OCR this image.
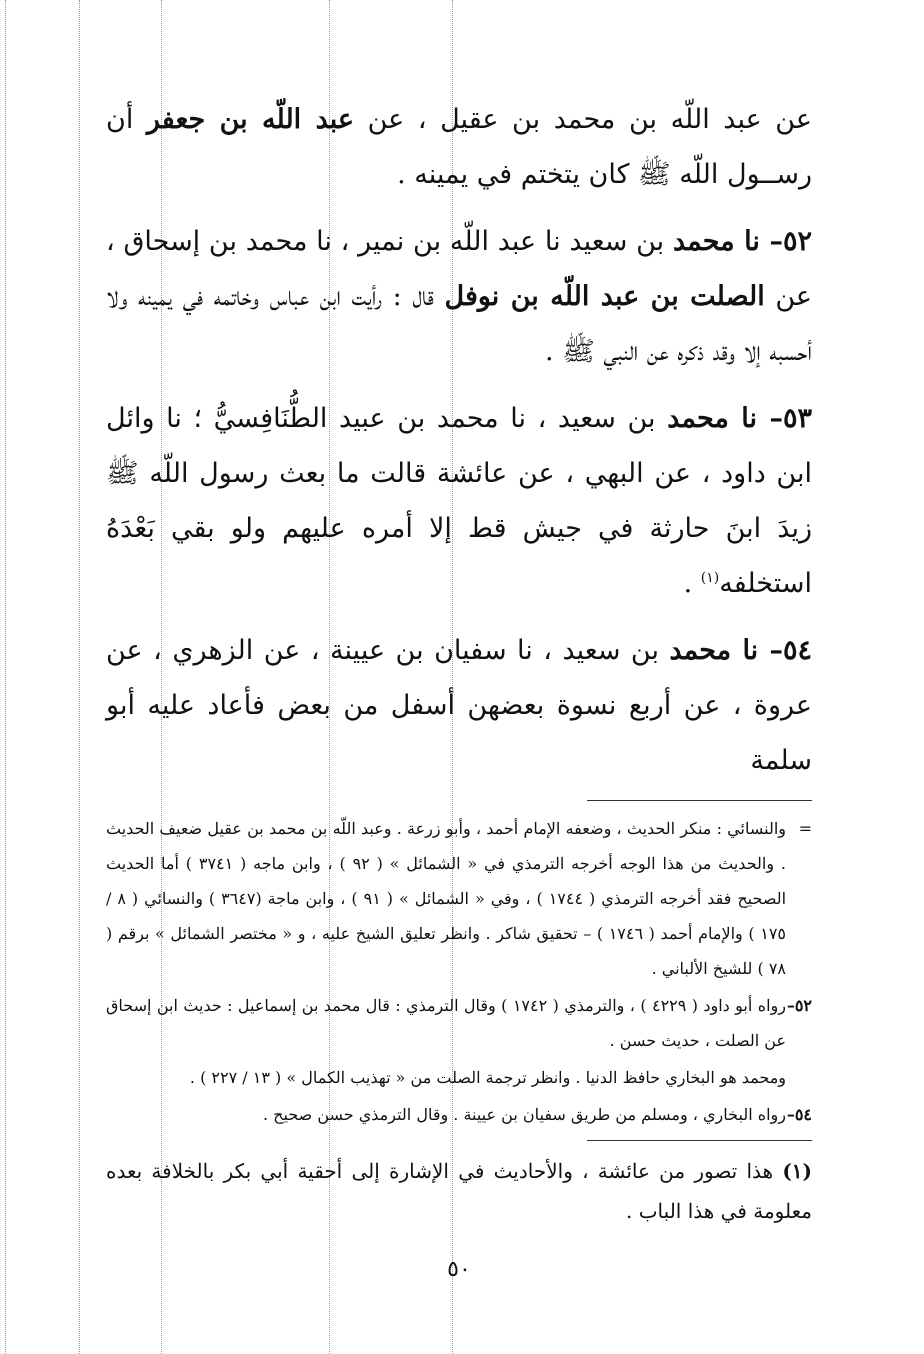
عن عبد اللّه بن محمد بن عقيل ، عن عبد اللّه بن جعفر أن رســول اللّه ﷺ كان يتختم في يمينه .

٥٢– نا محمد بن سعيد نا عبد اللّه بن نمير ، نا محمد بن إسحاق ، عن الصلت بن عبد اللّه بن نوفل قال : رأيت ابن عباس وخاتمه في يمينه ولا أحسبه إلا وقد ذكره عن النبي ﷺ .

٥٣– نا محمد بن سعيد ، نا محمد بن عبيد الطُّنَافِسيُّ ؛ نا وائل ابن داود ، عن البهي ، عن عائشة قالت ما بعث رسول اللّه ﷺ زيدَ ابنَ حارثة في جيش قط إلا أمره عليهم ولو بقي بَعْدَهُ استخلفه$^{(١)}$ .

٥٤– نا محمد بن سعيد ، نا سفيان بن عيينة ، عن الزهري ، عن عروة ، عن أربع نسوة بعضهن أسفل من بعض فأعاد عليه أبو سلمة

=
والنسائي : منكر الحديث ، وضعفه الإمام أحمد ، وأبو زرعة . وعبد اللّه بن محمد بن عقيل ضعيف الحديث . والحديث من هذا الوجه أخرجه الترمذي في « الشمائل » ( ٩٢ ) ، وابن ماجه ( ٣٧٤١ ) أما الحديث الصحيح فقد أخرجه الترمذي ( ١٧٤٤ ) ، وفي « الشمائل » ( ٩١ ) ، وابن ماجة (٣٦٤٧ ) والنسائي ( ٨ / ١٧٥ ) والإمام أحمد ( ١٧٤٦ ) – تحقيق شاكر . وانظر تعليق الشيخ عليه ، و « مختصر الشمائل » برقم ( ٧٨ ) للشيخ الألباني .

٥٢–
رواه أبو داود ( ٤٢٢٩ ) ، والترمذي ( ١٧٤٢ ) وقال الترمذي : قال محمد بن إسماعيل : حديث ابن إسحاق عن الصلت ، حديث حسن .

ومحمد هو البخاري حافظ الدنيا . وانظر ترجمة الصلت من « تهذيب الكمال » ( ١٣ / ٢٢٧ ) .

٥٤–
رواه البخاري ، ومسلم من طريق سفيان بن عيينة . وقال الترمذي حسن صحيح .

(١) هذا تصور من عائشة ، والأحاديث في الإشارة إلى أحقية أبي بكر بالخلافة بعده معلومة في هذا الباب .

٥٠
